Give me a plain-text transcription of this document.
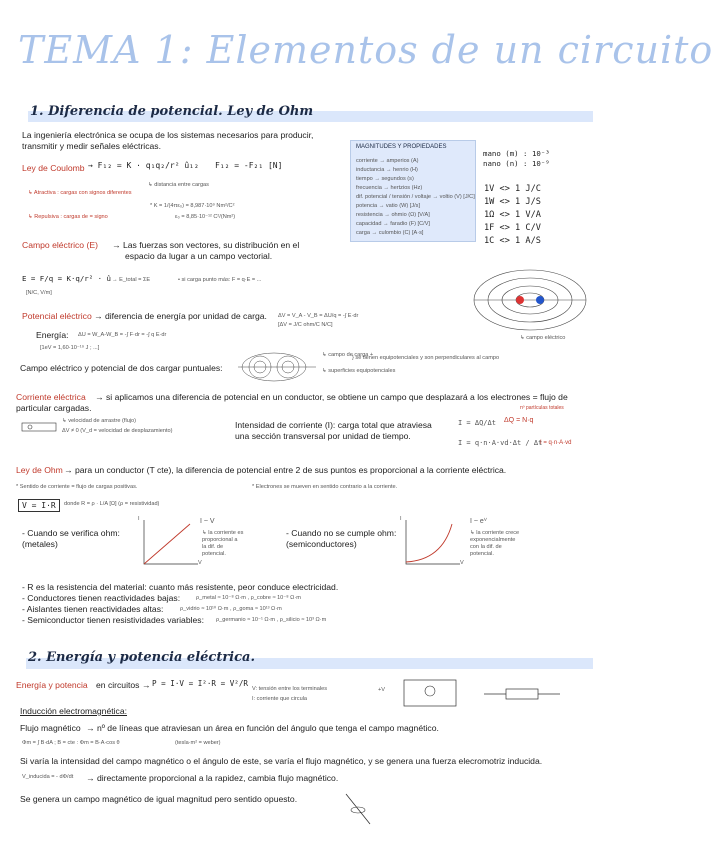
TEMA 1: Elementos de un circuito
1. Diferencia de potencial. Ley de Ohm
La ingeniería electrónica se ocupa de los sistemas necesarios para producir,
transmitir y medir señales eléctricas.
Ley de Coulomb → F₁₂ = K · q₁q₂/r² û₁₂ F₁₂ = -F₂₁ [N]
↳ distancia entre cargas
↳ Atractiva : cargas con signos diferentes
↳ Repulsiva : cargas de = signo
* K = 1/(4πε₀) = 8,987·10⁹ Nm²/C²
ε₀ = 8,85·10⁻¹² C²/(Nm²)
MAGNITUDES Y PROPIEDADES
corriente → amperios (A)
inductancia → henrio (H)
tiempo → segundos (s)
frecuencia → hertzios (Hz)
dif. potencial / tensión / voltaje → voltio (V) [J/C]
potencia → vatio (W) [J/s]
resistencia → ohmio (Ω) [V/A]
capacidad → faradio (F) [C/V]
carga → culombio (C) [A·s]
mano (m) : 10⁻³
nano (n) : 10⁻⁹
1V <> 1 J/C
1W <> 1 J/S
1Ω <> 1 V/A
1F <> 1 C/V
1C <> 1 A/S
Campo eléctrico (E) → Las fuerzas son vectores, su distribución en el
espacio da lugar a un campo vectorial.
E = F/q = K·q/r² · û
[N/C, V/m]
→ E_total = ΣE	• si carga punto más: F = q·E = ...
↳ campo eléctrico
Potencial eléctrico → diferencia de energía por unidad de carga. ΔV = V_A - V_B = ΔU/q = -∫ E·dr
[ΔV = J/C ohm/C N/C]
Energía: ΔU = W_A-W_B = -∫ F·dr = -∫ q E·dr
[1eV = 1,60·10⁻¹⁹ J ; ...]
Campo eléctrico y potencial de dos cargar puntuales:
↳ campo de carga +
↳ superficies equipotenciales
} se tienen equipotenciales y son perpendiculares al campo
Corriente eléctrica → si aplicamos una diferencia de potencial en un conductor, se obtiene un campo que desplazará a los electrones = flujo de
particular cargadas.
↳ velocidad de arrastre (flujo)
ΔV ≠ 0 (V_d = velocidad de desplazamiento)
Intensidad de corriente (I): carga total que atraviesa
una sección transversal por unidad de tiempo.
I = ΔQ/Δt ΔQ = N·q
nº partículas totales
I = q·n·A·vd·Δt / Δt
I = q·n·A·vd
Ley de Ohm → para un conductor (T cte), la diferencia de potencial entre 2 de sus puntos es proporcional a la corriente eléctrica.
* Sentido de corriente = flujo de cargas positivas.	* Electrones se mueven en sentido contrario a la corriente.
V = I·R	donde R = ρ · L/A [Ω] (ρ = resistividad)
- Cuando se verifica ohm:
(metales)
- Cuando no se cumple ohm:
(semiconductores)
I
V
I ~ V
↳ la corriente es
proporcional a
la dif. de
potencial.
I
V
I ~ eⱽ
↳ la corriente crece
exponencialmente
con la dif. de
potencial.
- R es la resistencia del material: cuanto más resistente, peor conduce electricidad.
- Conductores tienen reactividades bajas:
- Aislantes tienen reactividades altas:
- Semiconductor tienen resistividades variables:
ρ_metal ≈ 10⁻⁸ Ω·m , ρ_cobre ≈ 10⁻⁸ Ω·m
ρ_vidrio ≈ 10¹⁰ Ω·m , ρ_goma ≈ 10¹³ Ω·m
ρ_germanio ≈ 10⁻¹ Ω·m , ρ_silicio ≈ 10³ Ω·m
2. Energía y potencia eléctrica.
Energía y potencia en circuitos → P = I·V = I²·R = V²/R
V: tensión entre los terminales
I: corriente que circula
+V
Inducción electromagnética:
Flujo magnético → nº de líneas que atraviesan un área en función del ángulo que tenga el campo magnético.
Φm = ∫ B·dA ; B = cte : Φm = B·A·cos θ	(tesla·m² = weber)
Si varía la intensidad del campo magnético o el ángulo de este, se varía el flujo magnético, y se genera una fuerza elecromotriz inducida.
V_inducida = - dΦ/dt → directamente proporcional a la rapidez, cambia flujo magnético.
Se genera un campo magnético de igual magnitud pero sentido opuesto.
